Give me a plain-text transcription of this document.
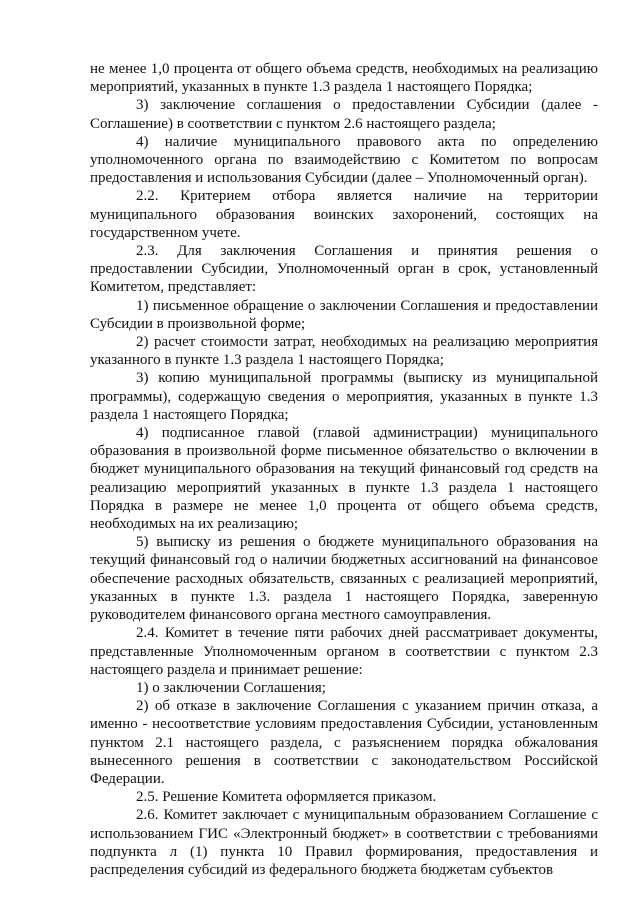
не менее 1,0 процента от общего объема средств, необходимых на реализацию мероприятий, указанных в пункте 1.3 раздела 1 настоящего Порядка;

3) заключение соглашения о предоставлении Субсидии (далее - Соглашение) в соответствии с пунктом 2.6 настоящего раздела;

4) наличие муниципального правового акта по определению уполномоченного органа по взаимодействию с Комитетом по вопросам предоставления и использования Субсидии (далее – Уполномоченный орган).

2.2. Критерием отбора является наличие на территории муниципального образования воинских захоронений, состоящих на государственном учете.

2.3. Для заключения Соглашения и принятия решения о предоставлении Субсидии, Уполномоченный орган в срок, установленный Комитетом, представляет:

1) письменное обращение о заключении Соглашения и предоставлении Субсидии в произвольной форме;

2) расчет стоимости затрат, необходимых на реализацию мероприятия указанного в пункте 1.3 раздела 1 настоящего Порядка;

3) копию муниципальной программы (выписку из муниципальной программы), содержащую сведения о мероприятия, указанных в пункте 1.3 раздела 1 настоящего Порядка;

4) подписанное главой (главой администрации) муниципального образования в произвольной форме письменное обязательство о включении в бюджет муниципального образования на текущий финансовый год средств на реализацию мероприятий указанных в пункте 1.3 раздела 1 настоящего Порядка в размере не менее 1,0 процента от общего объема средств, необходимых на их реализацию;

5) выписку из решения о бюджете муниципального образования на текущий финансовый год о наличии бюджетных ассигнований на финансовое обеспечение расходных обязательств, связанных с реализацией мероприятий, указанных в пункте 1.3. раздела 1 настоящего Порядка, заверенную руководителем финансового органа местного самоуправления.

2.4. Комитет в течение пяти рабочих дней рассматривает документы, представленные Уполномоченным органом в соответствии с пунктом 2.3 настоящего раздела и принимает решение:

1) о заключении Соглашения;

2) об отказе в заключение Соглашения с указанием причин отказа, а именно - несоответствие условиям предоставления Субсидии, установленным пунктом 2.1 настоящего раздела, с разъяснением порядка обжалования вынесенного решения в соответствии с законодательством Российской Федерации.

2.5. Решение Комитета оформляется приказом.

2.6. Комитет заключает с муниципальным образованием Соглашение с использованием ГИС «Электронный бюджет» в соответствии с требованиями подпункта л (1) пункта 10 Правил формирования, предоставления и распределения субсидий из федерального бюджета бюджетам субъектов
